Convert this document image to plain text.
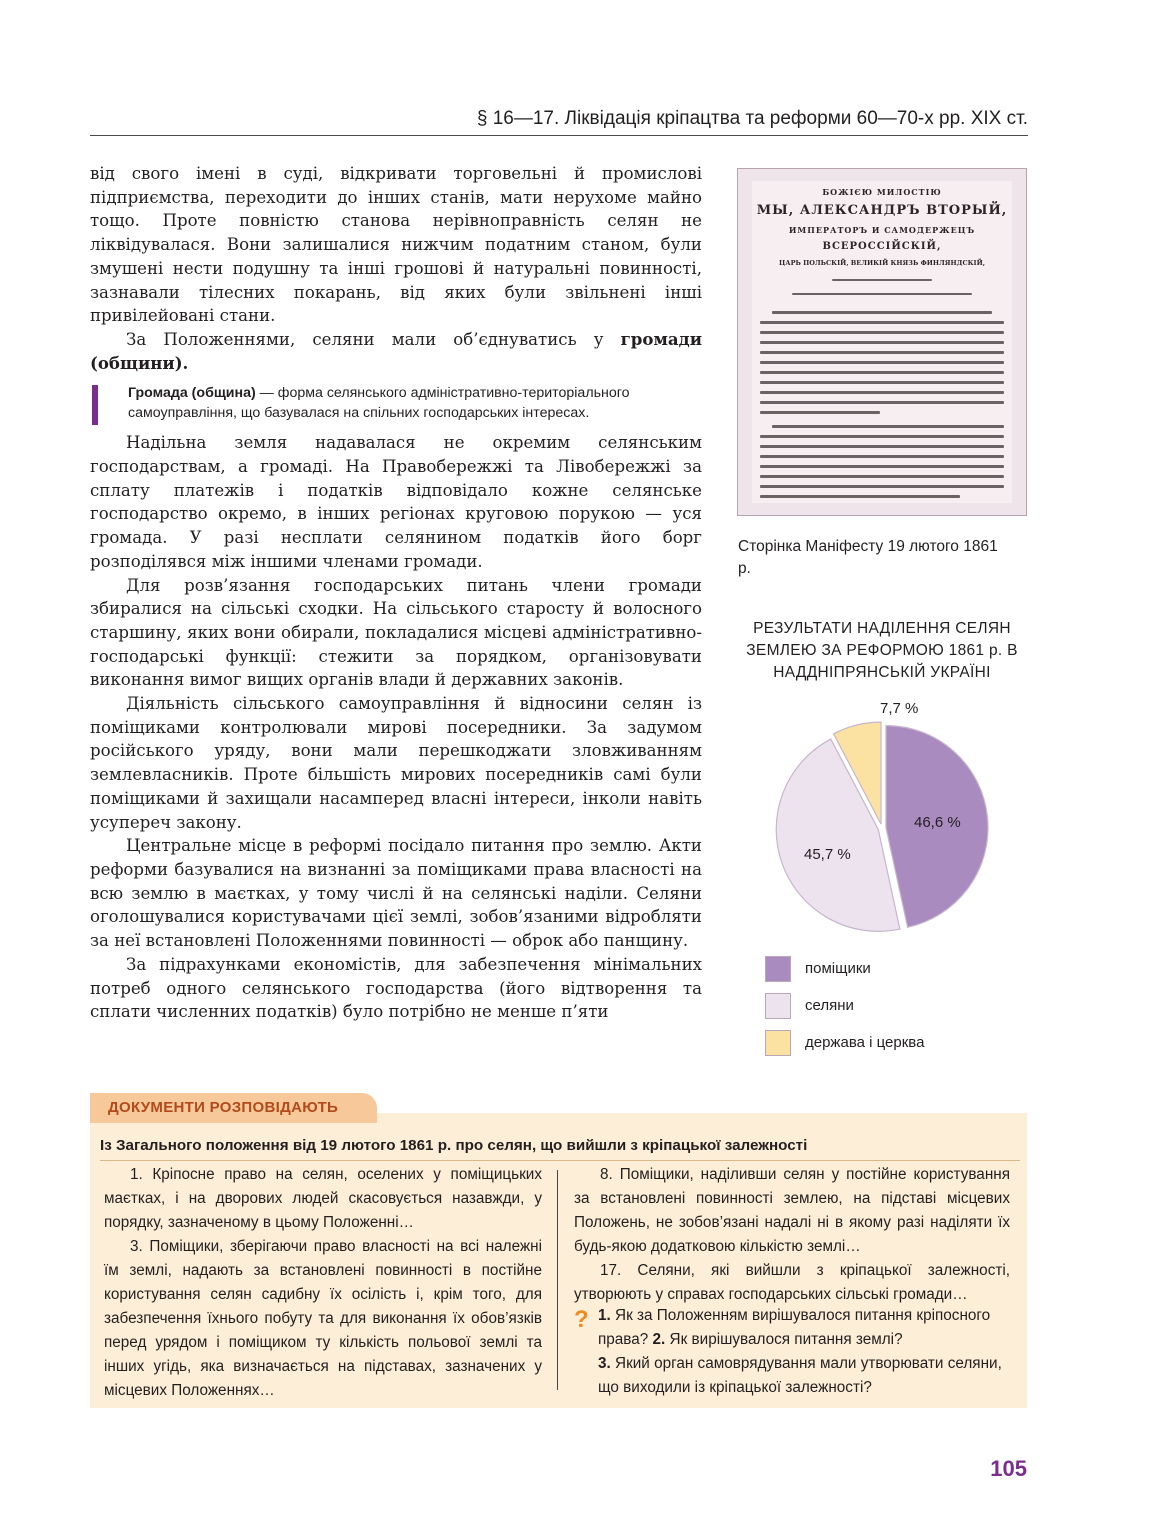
§ 16—17. Ліквідація кріпацтва та реформи 60—70-х рр. XIX ст.

від свого імені в суді, відкривати торговельні й промислові підприємства, переходити до інших станів, мати нерухоме майно тощо. Проте повністю станова нерівноправність селян не ліквідувалася. Вони залишалися нижчим податним станом, були змушені нести подушну та інші грошові й натуральні повинності, зазнавали тілесних покарань, від яких були звільнені інші привілейовані стани.

За Положеннями, селяни мали об’єднуватись у громади (общини).

Громада (община) — форма селянського адміністративно-територіального самоуправління, що базувалася на спільних господарських інтересах.

Надільна земля надавалася не окремим селянським господарствам, а громаді. На Правобережжі та Лівобережжі за сплату платежів і податків відповідало кожне селянське господарство окремо, в інших регіонах круговою порукою — уся громада. У разі несплати селянином податків його борг розподілявся між іншими членами громади.

Для розв’язання господарських питань члени громади збиралися на сільські сходки. На сільського старосту й волосного старшину, яких вони обирали, покладалися місцеві адміністративно-господарські функції: стежити за порядком, організовувати виконання вимог вищих органів влади й державних законів.

Діяльність сільського самоуправління й відносини селян із поміщиками контролювали мирові посередники. За задумом російського уряду, вони мали перешкоджати зловживанням землевласників. Проте більшість мирових посередників самі були поміщиками й захищали насамперед власні інтереси, інколи навіть усупереч закону.

Центральне місце в реформі посідало питання про землю. Акти реформи базувалися на визнанні за поміщиками права власності на всю землю в маєтках, у тому числі й на селянські наділи. Селяни оголошувалися користувачами цієї землі, зобов’язаними відробляти за неї встановлені Положеннями повинності — оброк або панщину.

За підрахунками економістів, для забезпечення мінімальних потреб одного селянського господарства (його відтворення та сплати численних податків) було потрібно не менше п’яти

БОЖІЄЮ МИЛОСТІЮ
МЫ, АЛЕКСАНДРЪ ВТОРЫЙ,
ИМПЕРАТОРЪ И САМОДЕРЖЕЦЪ
ВСЕРОССІЙСКІЙ,
ЦАРЬ ПОЛЬСКІЙ, ВЕЛИКІЙ КНЯЗЬ ФИНЛЯНДСКІЙ,
Сторінка Маніфесту 19 лютого 1861 р.
РЕЗУЛЬТАТИ НАДІЛЕННЯ СЕЛЯН ЗЕМЛЕЮ ЗА РЕФОРМОЮ 1861 р. В НАДДНІПРЯНСЬКІЙ УКРАЇНІ
7,7 %
46,6 %
45,7 %
поміщики
селяни
держава і церква
ДОКУМЕНТИ РОЗПОВІДАЮТЬ
Із Загального положення від 19 лютого 1861 р. про селян, що вийшли з кріпацької залежності

1. Кріпосне право на селян, оселених у поміщицьких маєтках, і на дворових людей скасовується назавжди, у порядку, зазначеному в цьому Положенні…

3. Поміщики, зберігаючи право власності на всі належні їм землі, надають за встановлені повинності в постійне користування селян садибну їх осілість і, крім того, для забезпечення їхнього побуту та для виконання їх обов’язків перед урядом і поміщиком ту кількість польової землі та інших угідь, яка визначається на підставах, зазначених у місцевих Положеннях…

8. Поміщики, наділивши селян у постійне користування за встановлені повинності землею, на підставі місцевих Положень, не зобов’язані надалі ні в якому разі наділяти їх будь-якою додатковою кількістю землі…

17. Селяни, які вийшли з кріпацької залежності, утворюють у справах господарських сільські громади…

? 1. Як за Положенням вирішувалося питання кріпосного права? 2. Як вирішувалося питання землі?
3. Який орган самоврядування мали утворювати селяни, що виходили із кріпацької залежності?
105
